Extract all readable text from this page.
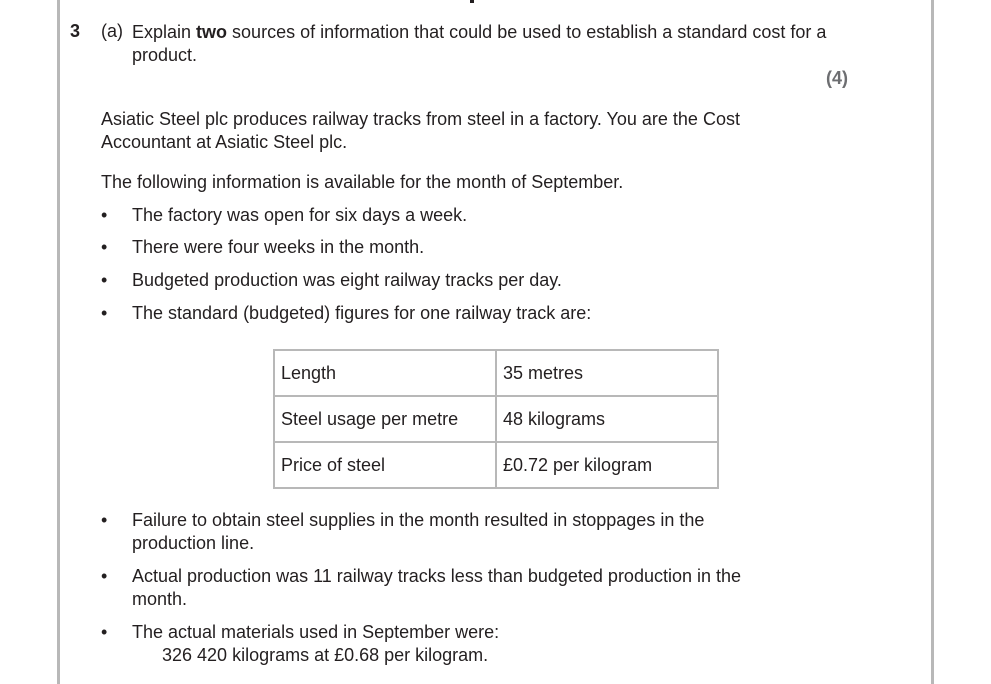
3 (a) Explain two sources of information that could be used to establish a standard cost for a product.
(4)
Asiatic Steel plc produces railway tracks from steel in a factory. You are the Cost Accountant at Asiatic Steel plc.
The following information is available for the month of September.
•	The factory was open for six days a week.
•	There were four weeks in the month.
•	Budgeted production was eight railway tracks per day.
•	The standard (budgeted) figures for one railway track are:
Length	35 metres
Steel usage per metre	48 kilograms
Price of steel	£0.72 per kilogram
•	Failure to obtain steel supplies in the month resulted in stoppages in the production line.
•	Actual production was 11 railway tracks less than budgeted production in the month.
•	The actual materials used in September were:
326 420 kilograms at £0.68 per kilogram.
